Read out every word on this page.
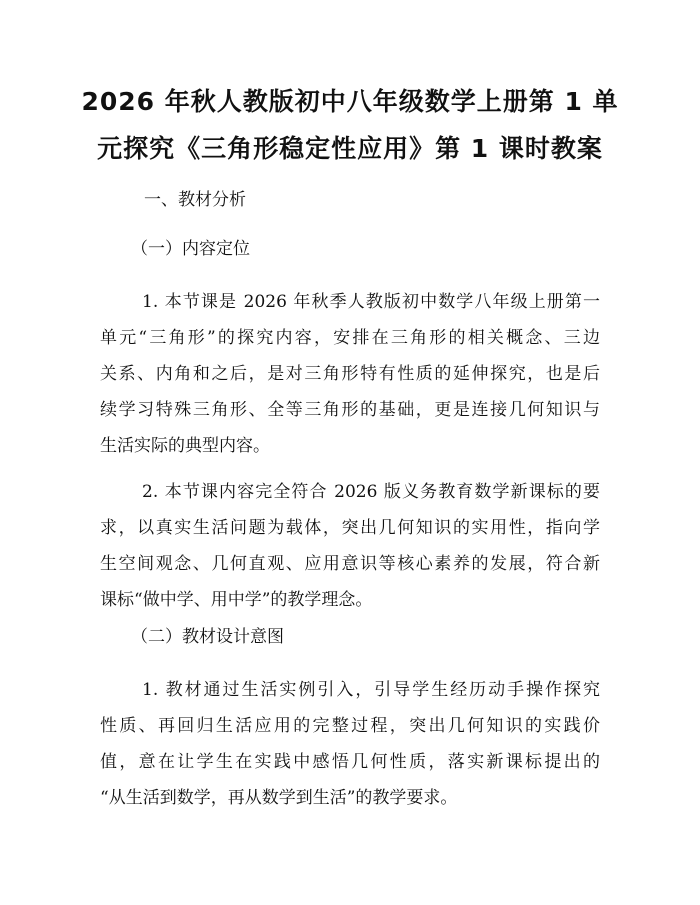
2026 年秋人教版初中八年级数学上册第 1 单
元探究《三角形稳定性应用》第 1 课时教案

一、教材分析

（一）内容定位

1. 本节课是 2026 年秋季人教版初中数学八年级上册第一
单元“三角形”的探究内容，安排在三角形的相关概念、三边
关系、内角和之后，是对三角形特有性质的延伸探究，也是后
续学习特殊三角形、全等三角形的基础，更是连接几何知识与
生活实际的典型内容。
2. 本节课内容完全符合 2026 版义务教育数学新课标的要
求，以真实生活问题为载体，突出几何知识的实用性，指向学
生空间观念、几何直观、应用意识等核心素养的发展，符合新
课标“做中学、用中学”的教学理念。

（二）教材设计意图

1. 教材通过生活实例引入，引导学生经历动手操作探究
性质、再回归生活应用的完整过程，突出几何知识的实践价
值，意在让学生在实践中感悟几何性质，落实新课标提出的
“从生活到数学，再从数学到生活”的教学要求。
